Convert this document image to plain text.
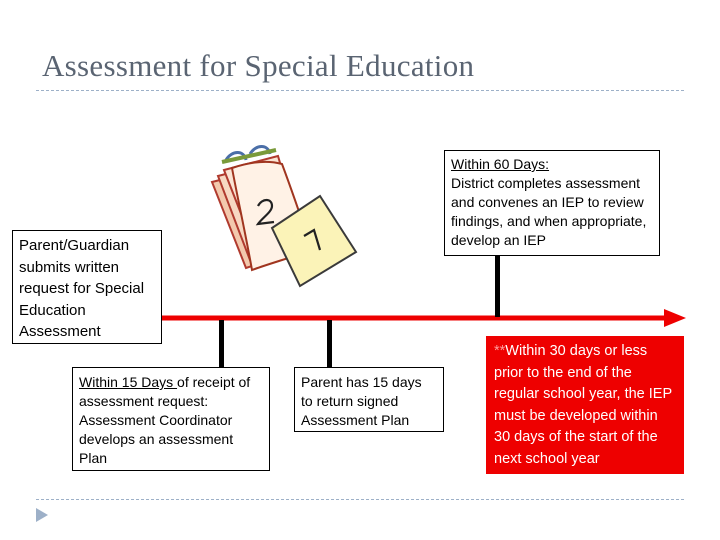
Assessment for Special Education
Parent/Guardian submits written request for Special Education Assessment
Within 15 Days of receipt of assessment request: Assessment Coordinator develops an assessment Plan
Parent has 15 days to return signed Assessment Plan
Within 60 Days:
District completes assessment and convenes an IEP to review findings, and when appropriate, develop an IEP
**Within 30 days or less prior to the end of the regular school year, the IEP must be developed within 30 days of the start of the next school year
